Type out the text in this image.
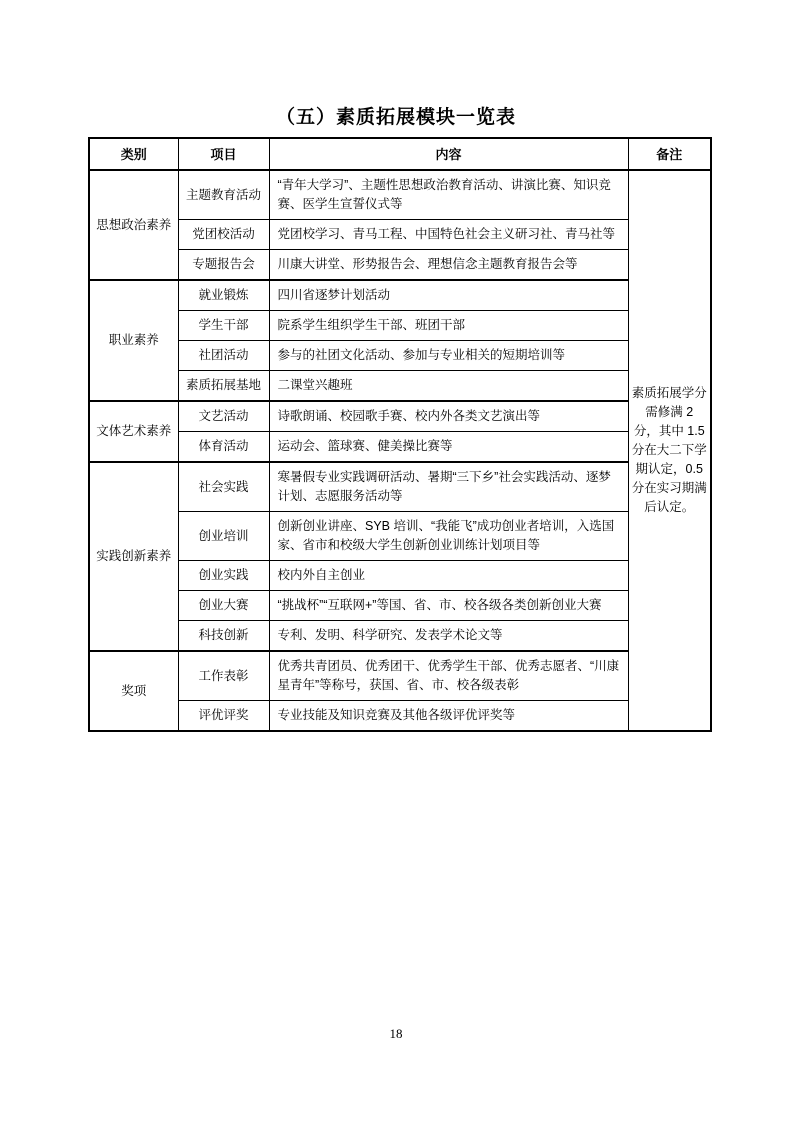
（五）素质拓展模块一览表
类别	项目	内容	备注
思想政治素养	主题教育活动	“青年大学习”、主题性思想政治教育活动、讲演比赛、知识竞赛、医学生宣誓仪式等	素质拓展学分需修满 2 分，其中 1.5 分在大二下学期认定，0.5 分在实习期满后认定。
	党团校活动	党团校学习、青马工程、中国特色社会主义研习社、青马社等	
	专题报告会	川康大讲堂、形势报告会、理想信念主题教育报告会等	
职业素养	就业锻炼	四川省逐梦计划活动	
	学生干部	院系学生组织学生干部、班团干部	
	社团活动	参与的社团文化活动、参加与专业相关的短期培训等	
	素质拓展基地	二课堂兴趣班	
文体艺术素养	文艺活动	诗歌朗诵、校园歌手赛、校内外各类文艺演出等	
	体育活动	运动会、篮球赛、健美操比赛等	
实践创新素养	社会实践	寒暑假专业实践调研活动、暑期“三下乡”社会实践活动、逐梦计划、志愿服务活动等	
	创业培训	创新创业讲座、SYB 培训、“我能飞”成功创业者培训，入选国家、省市和校级大学生创新创业训练计划项目等	
	创业实践	校内外自主创业	
	创业大赛	“挑战杯”“互联网+”等国、省、市、校各级各类创新创业大赛	
	科技创新	专利、发明、科学研究、发表学术论文等	
奖项	工作表彰	优秀共青团员、优秀团干、优秀学生干部、优秀志愿者、“川康星青年”等称号，获国、省、市、校各级表彰	
	评优评奖	专业技能及知识竞赛及其他各级评优评奖等	
18
